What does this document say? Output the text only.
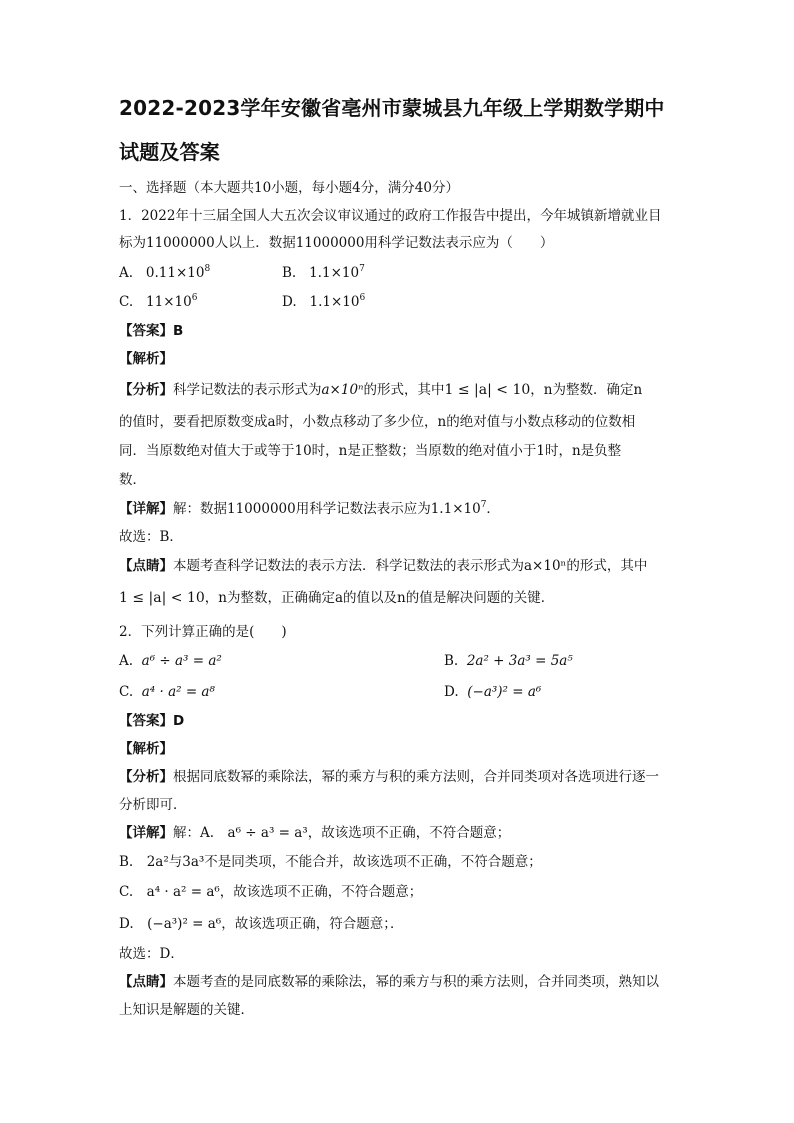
2022-2023学年安徽省亳州市蒙城县九年级上学期数学期中
试题及答案
一、选择题（本大题共10小题，每小题4分，满分40分）
1．2022年十三届全国人大五次会议审议通过的政府工作报告中提出，今年城镇新增就业目
标为11000000人以上．数据11000000用科学记数法表示应为（　　）
A. $0.11\times 10^8$	B. $1.1\times 10^7$
C. $11\times 10^6$	D. $1.1\times 10^6$
【答案】B
【解析】
【分析】科学记数法的表示形式为a×10ⁿ的形式，其中1 ≤ |a| < 10，n为整数．确定n
的值时，要看把原数变成a时，小数点移动了多少位，n的绝对值与小数点移动的位数相
同．当原数绝对值大于或等于10时，n是正整数；当原数的绝对值小于1时，n是负整
数．
【详解】解：数据11000000用科学记数法表示应为$1.1\times 10^7$．
故选：B．
【点睛】本题考查科学记数法的表示方法．科学记数法的表示形式为a×10ⁿ的形式，其中
1 ≤ |a| < 10，n为整数，正确确定a的值以及n的值是解决问题的关键．
2．下列计算正确的是(　　)
A. a⁶ ÷ a³ = a²	B. 2a² + 3a³ = 5a⁵
C. a⁴ · a² = a⁸	D. (−a³)² = a⁶
【答案】D
【解析】
【分析】根据同底数幂的乘除法，幂的乘方与积的乘方法则，合并同类项对各选项进行逐一
分析即可．
【详解】解：A.　a⁶ ÷ a³ = a³，故该选项不正确，不符合题意；
B.　2a²与3a³不是同类项，不能合并，故该选项不正确，不符合题意；
C.　a⁴ · a² = a⁶，故该选项不正确，不符合题意；
D.　(−a³)² = a⁶，故该选项正确，符合题意；．
故选：D．
【点睛】本题考查的是同底数幂的乘除法，幂的乘方与积的乘方法则，合并同类项，熟知以
上知识是解题的关键．
